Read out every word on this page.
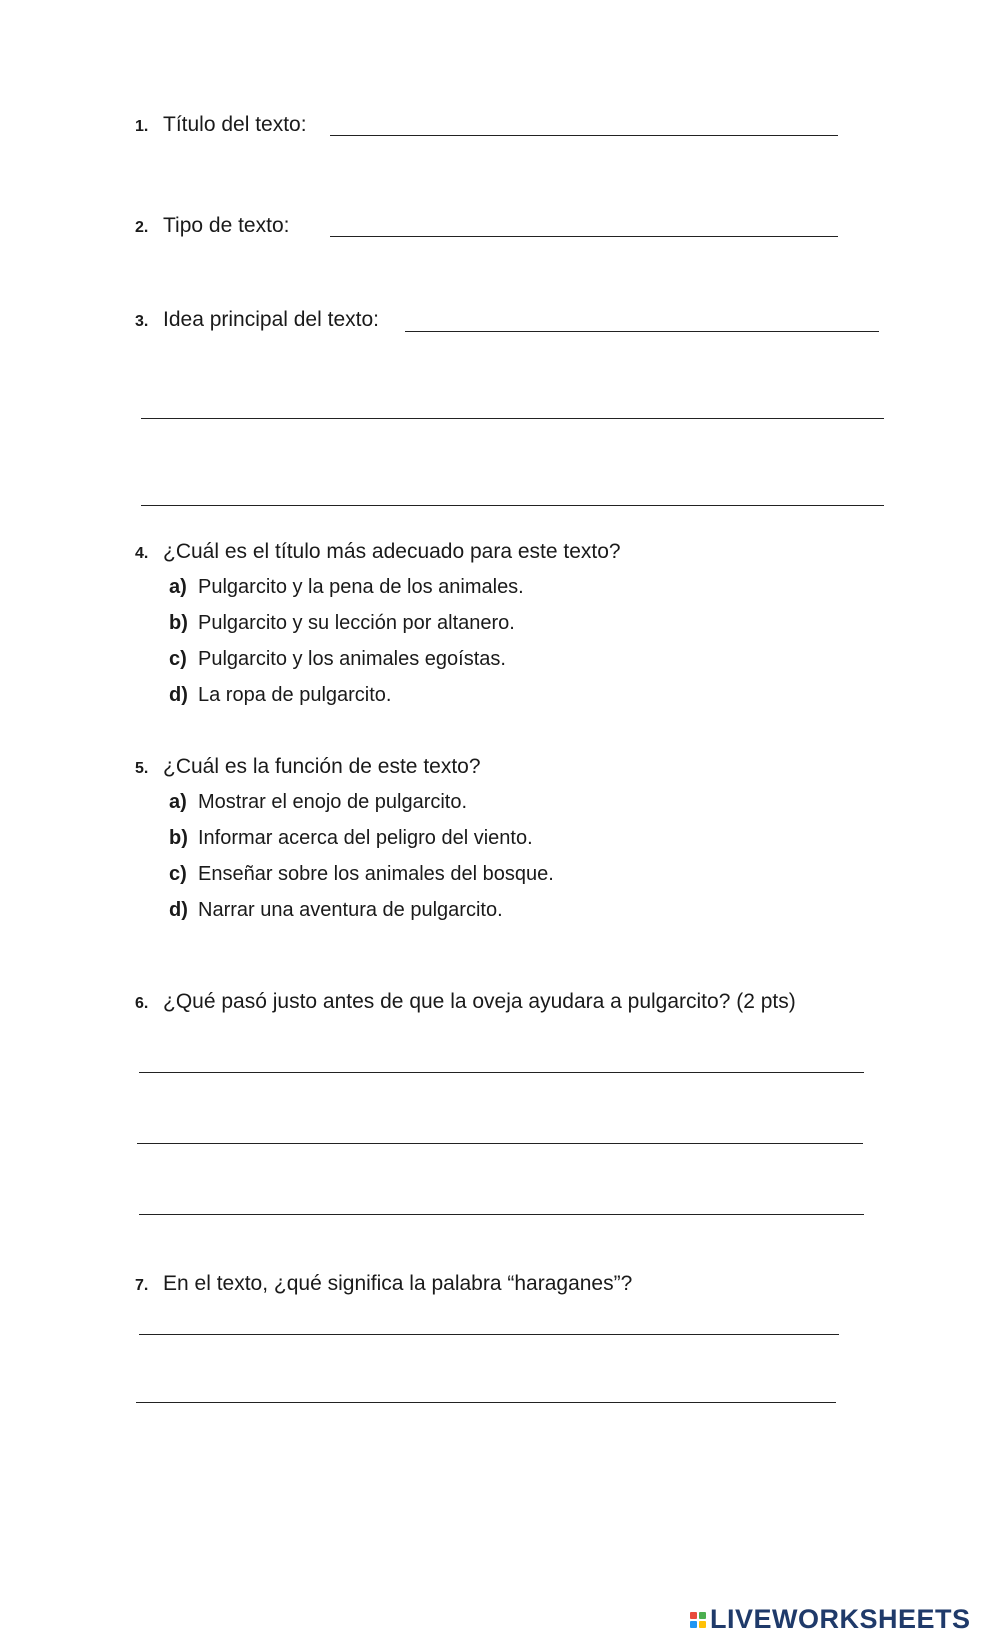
1. Título del texto:
2. Tipo de texto:
3. Idea principal del texto:
4. ¿Cuál es el título más adecuado para este texto?
a) Pulgarcito y la pena de los animales.
b) Pulgarcito y su lección por altanero.
c) Pulgarcito y los animales egoístas.
d) La ropa de pulgarcito.
5. ¿Cuál es la función de este texto?
a) Mostrar el enojo de pulgarcito.
b) Informar acerca del peligro del viento.
c) Enseñar sobre los animales del bosque.
d) Narrar una aventura de pulgarcito.
6. ¿Qué pasó justo antes de que la oveja ayudara a pulgarcito? (2 pts)
7. En el texto, ¿qué significa la palabra “haraganes”?
LIVEWORKSHEETS
